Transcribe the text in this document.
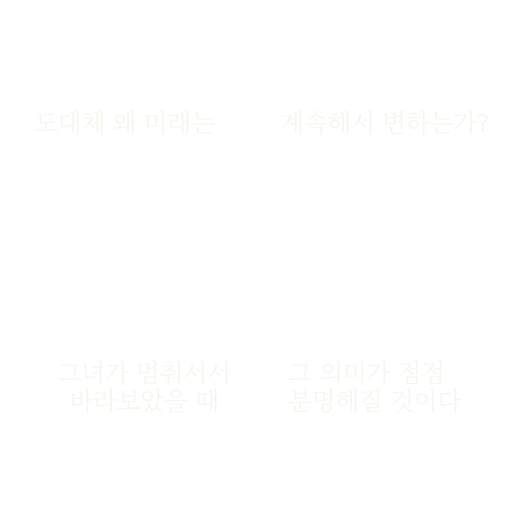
도대체 왜 미래는	계속해서 변하는가?
그녀가 멈춰서서
바라보았을 때
그 의미가 점점
분명해질 것이다
